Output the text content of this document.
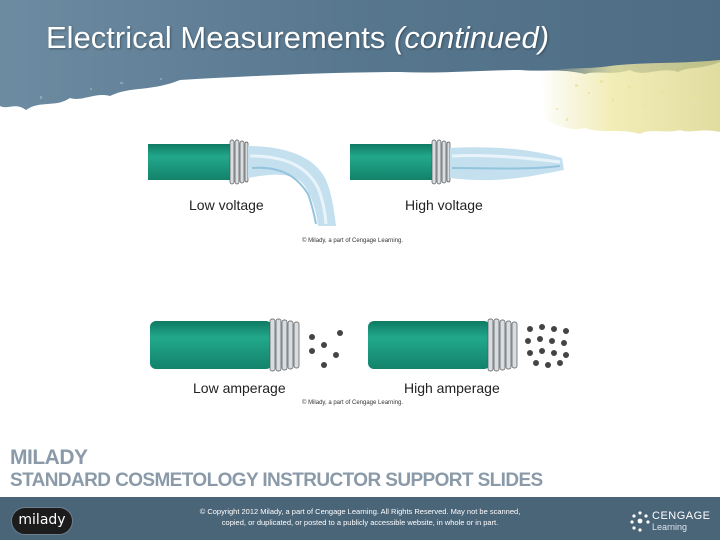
Electrical Measurements (continued)
Low voltage	High voltage
© Milady, a part of Cengage Learning.
Low amperage	High amperage
© Milady, a part of Cengage Learning.
MILADY
STANDARD COSMETOLOGY INSTRUCTOR SUPPORT SLIDES
milady
© Copyright 2012 Milady, a part of Cengage Learning. All Rights Reserved. May not be scanned,
copied, or duplicated, or posted to a publicly accessible website, in whole or in part.
CENGAGE
Learning
